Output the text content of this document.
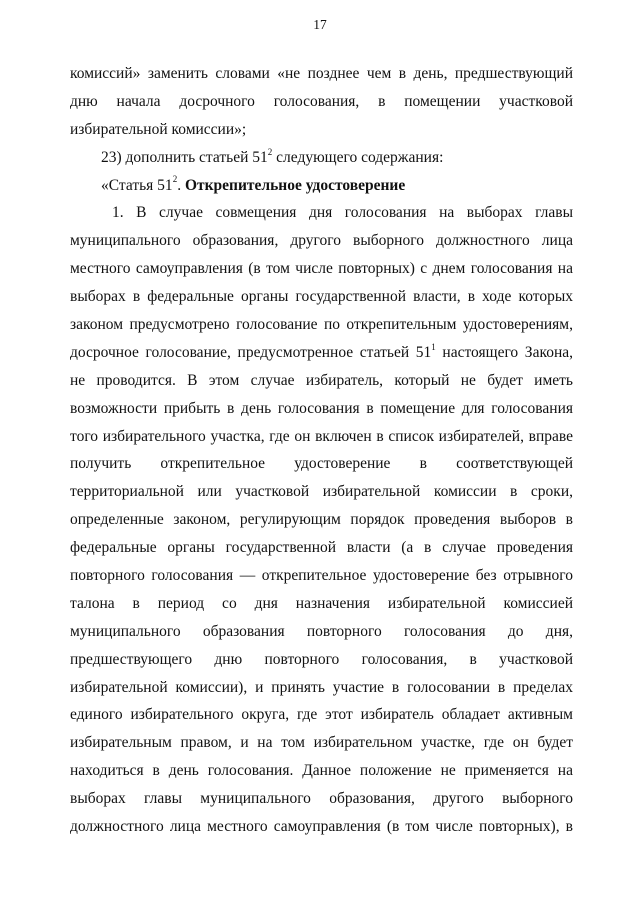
17
комиссий» заменить словами «не позднее чем в день, предшествующий
дню начала досрочного голосования, в помещении участковой
избирательной комиссии»;
23) дополнить статьей $51^2$ следующего содержания:
«Статья $51^2$. Открепительное удостоверение
1. В случае совмещения дня голосования на выборах главы
муниципального образования, другого выборного должностного лица
местного самоуправления (в том числе повторных) с днем голосования на
выборах в федеральные органы государственной власти, в ходе которых
законом предусмотрено голосование по открепительным удостоверениям,
досрочное голосование, предусмотренное статьей $51^1$ настоящего Закона,
не проводится. В этом случае избиратель, который не будет иметь
возможности прибыть в день голосования в помещение для голосования
того избирательного участка, где он включен в список избирателей, вправе
получить открепительное удостоверение в соответствующей
территориальной или участковой избирательной комиссии в сроки,
определенные законом, регулирующим порядок проведения выборов в
федеральные органы государственной власти (а в случае проведения
повторного голосования — открепительное удостоверение без отрывного
талона в период со дня назначения избирательной комиссией
муниципального образования повторного голосования до дня,
предшествующего дню повторного голосования, в участковой
избирательной комиссии), и принять участие в голосовании в пределах
единого избирательного округа, где этот избиратель обладает активным
избирательным правом, и на том избирательном участке, где он будет
находиться в день голосования. Данное положение не применяется на
выборах главы муниципального образования, другого выборного
должностного лица местного самоуправления (в том числе повторных), в
